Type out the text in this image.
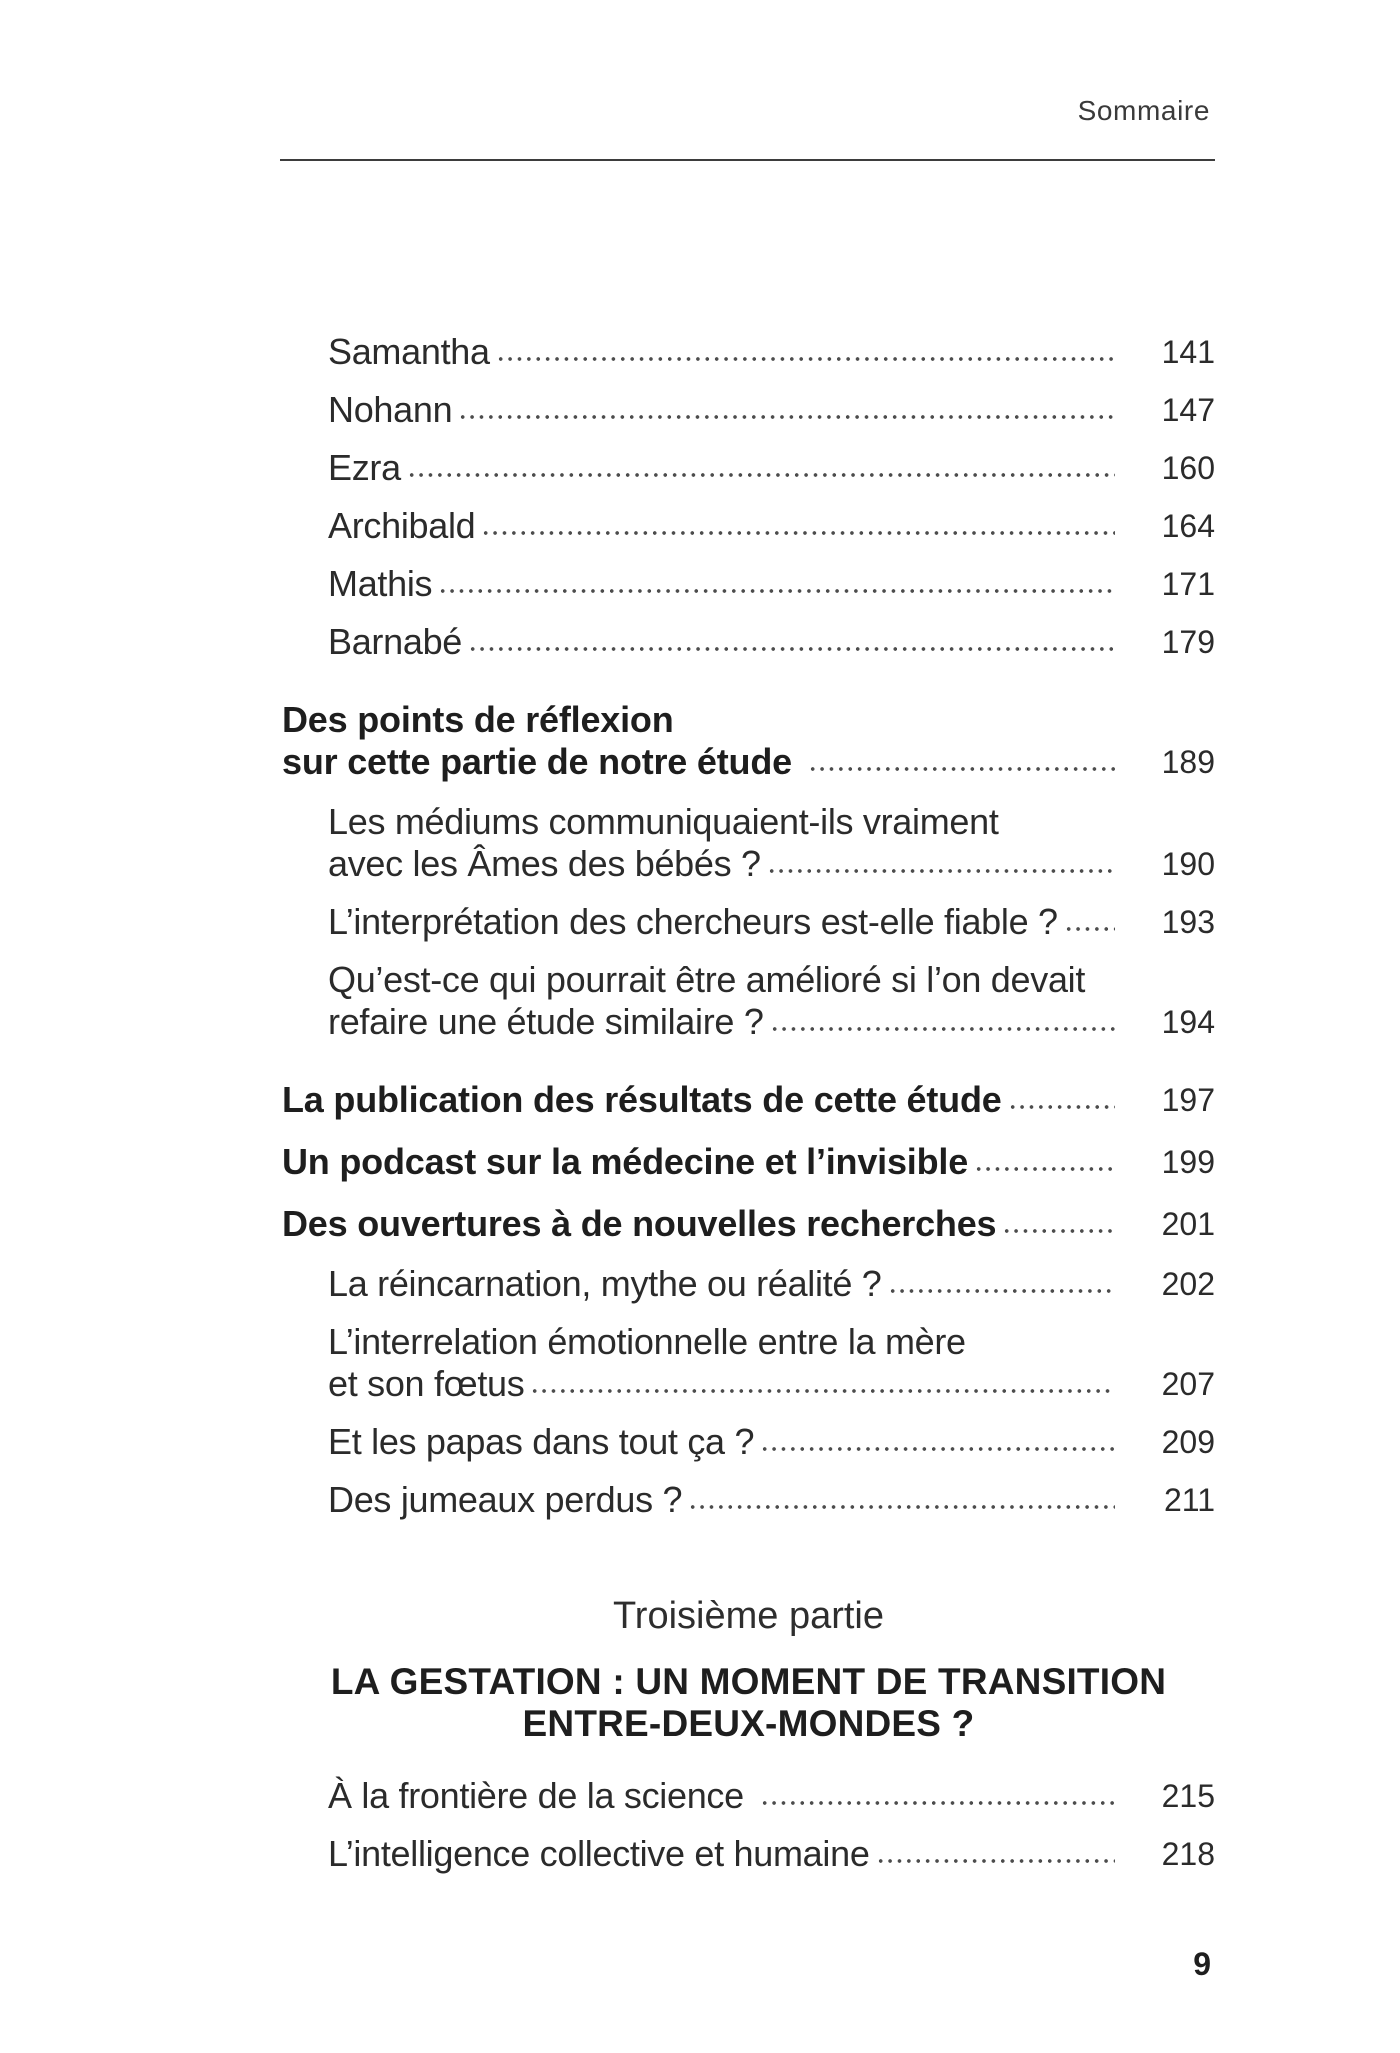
Sommaire
Samantha	141
Nohann	147
Ezra	160
Archibald	164
Mathis	171
Barnabé	179
Des points de réflexion
sur cette partie de notre étude	189
Les médiums communiquaient-ils vraiment
avec les Âmes des bébés ?	190
L’interprétation des chercheurs est-elle fiable ?	193
Qu’est-ce qui pourrait être amélioré si l’on devait
refaire une étude similaire ?	194
La publication des résultats de cette étude	197
Un podcast sur la médecine et l’invisible	199
Des ouvertures à de nouvelles recherches	201
La réincarnation, mythe ou réalité ?	202
L’interrelation émotionnelle entre la mère
et son fœtus	207
Et les papas dans tout ça ?	209
Des jumeaux perdus ?	211
Troisième partie
LA GESTATION : UN MOMENT DE TRANSITION
ENTRE-DEUX-MONDES ?
À la frontière de la science	215
L’intelligence collective et humaine	218
9
